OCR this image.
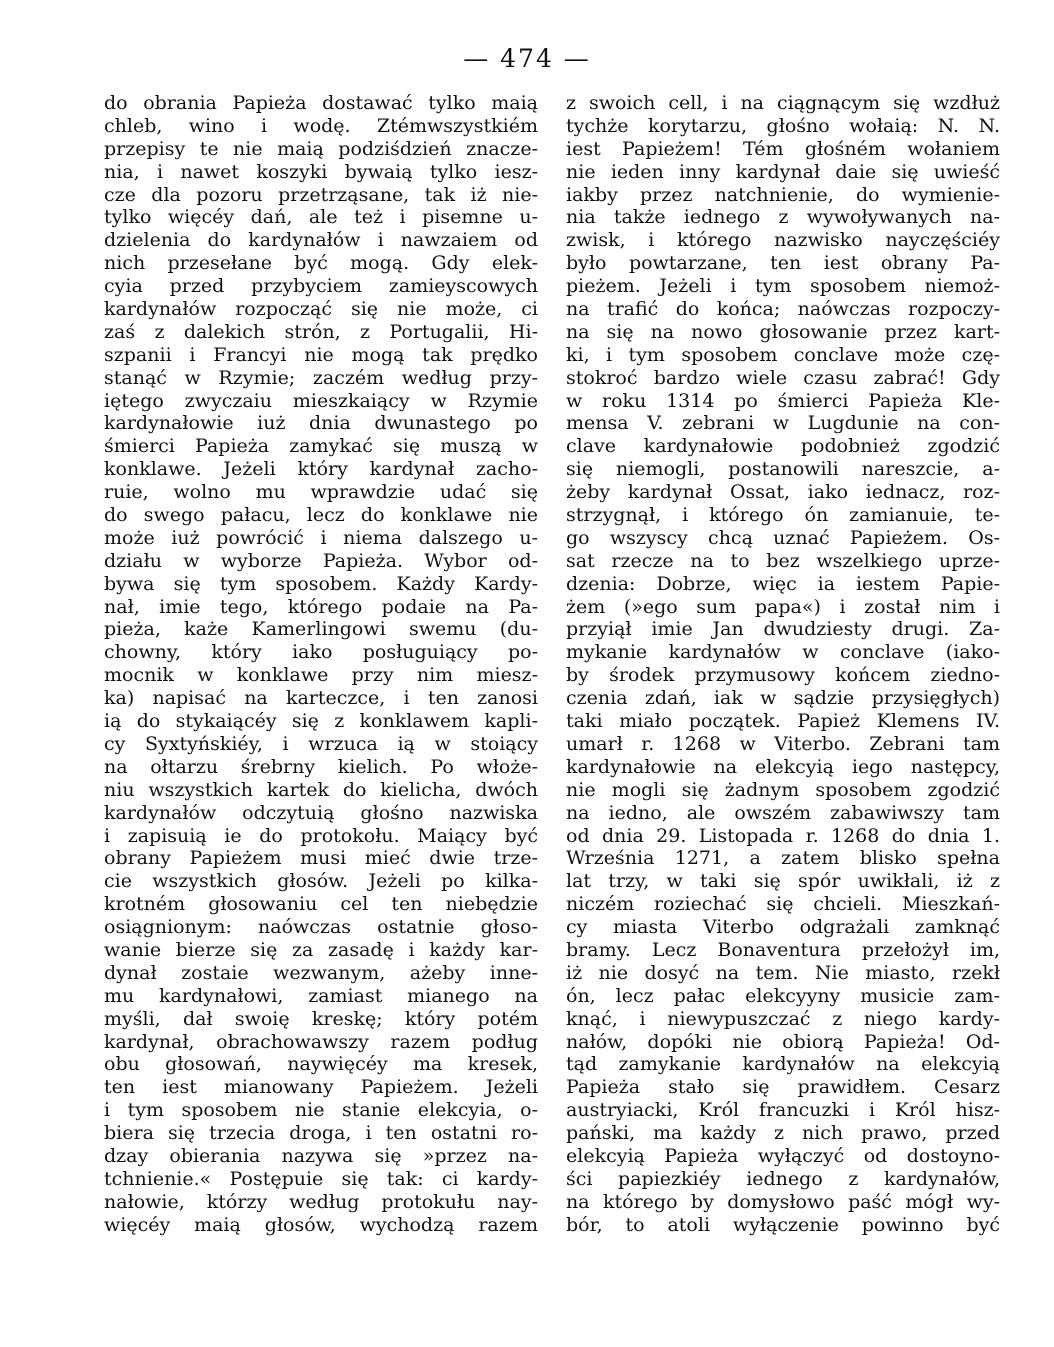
— 474 —
do obrania Papieża dostawać tylko maią
chleb, wino i wodę. Ztémwszystkiém
przepisy te nie maią podziśdzień znacze-
nia, i nawet koszyki bywaią tylko iesz-
cze dla pozoru przetrząsane, tak iż nie-
tylko więcéy dań, ale też i pisemne u-
dzielenia do kardynałów i nawzaiem od
nich przesełane być mogą. Gdy elek-
cyia przed przybyciem zamieyscowych
kardynałów rozpocząć się nie może, ci
zaś z dalekich strón, z Portugalii, Hi-
szpanii i Francyi nie mogą tak prędko
stanąć w Rzymie; zaczém według przy-
iętego zwyczaiu mieszkaiący w Rzymie
kardynałowie iuż dnia dwunastego po
śmierci Papieża zamykać się muszą w
konklawe. Jeżeli który kardynał zacho-
ruie, wolno mu wprawdzie udać się
do swego pałacu, lecz do konklawe nie
może iuż powrócić i niema dalszego u-
działu w wyborze Papieża. Wybor od-
bywa się tym sposobem. Każdy Kardy-
nał, imie tego, którego podaie na Pa-
pieża, każe Kamerlingowi swemu (du-
chowny, który iako posługuiący po-
mocnik w konklawe przy nim miesz-
ka) napisać na karteczce, i ten zanosi
ią do stykaiącéy się z konklawem kapli-
cy Syxtyńskiéy, i wrzuca ią w stoiący
na ołtarzu śrebrny kielich. Po włoże-
niu wszystkich kartek do kielicha, dwóch
kardynałów odczytuią głośno nazwiska
i zapisuią ie do protokołu. Maiący być
obrany Papieżem musi mieć dwie trze-
cie wszystkich głosów. Jeżeli po kilka-
krotném głosowaniu cel ten niebędzie
osiągnionym: naówczas ostatnie głoso-
wanie bierze się za zasadę i każdy kar-
dynał zostaie wezwanym, ażeby inne-
mu kardynałowi, zamiast mianego na
myśli, dał swoię kreskę; który potém
kardynał, obrachowawszy razem podług
obu głosowań, naywięcéy ma kresek,
ten iest mianowany Papieżem. Jeżeli
i tym sposobem nie stanie elekcyia, o-
biera się trzecia droga, i ten ostatni ro-
dzay obierania nazywa się »przez na-
tchnienie.« Postępuie się tak: ci kardy-
nałowie, którzy według protokułu nay-
więcéy maią głosów, wychodzą razem
z swoich cell, i na ciągnącym się wzdłuż
tychże korytarzu, głośno wołaią: N. N.
iest Papieżem! Tém głośném wołaniem
nie ieden inny kardynał daie się uwieść
iakby przez natchnienie, do wymienie-
nia także iednego z wywoływanych na-
zwisk, i którego nazwisko nayczęściéy
było powtarzane, ten iest obrany Pa-
pieżem. Jeżeli i tym sposobem niemoż-
na trafić do końca; naówczas rozpoczy-
na się na nowo głosowanie przez kart-
ki, i tym sposobem conclave może czę-
stokroć bardzo wiele czasu zabrać! Gdy
w roku 1314 po śmierci Papieża Kle-
mensa V. zebrani w Lugdunie na con-
clave kardynałowie podobnież zgodzić
się niemogli, postanowili nareszcie, a-
żeby kardynał Ossat, iako iednacz, roz-
strzygnął, i którego ón zamianuie, te-
go wszyscy chcą uznać Papieżem. Os-
sat rzecze na to bez wszelkiego uprze-
dzenia: Dobrze, więc ia iestem Papie-
żem (»ego sum papa«) i został nim i
przyiął imie Jan dwudziesty drugi. Za-
mykanie kardynałów w conclave (iako-
by środek przymusowy końcem ziedno-
czenia zdań, iak w sądzie przysięgłych)
taki miało początek. Papież Klemens IV.
umarł r. 1268 w Viterbo. Zebrani tam
kardynałowie na elekcyią iego następcy,
nie mogli się żadnym sposobem zgodzić
na iedno, ale owszém zabawiwszy tam
od dnia 29. Listopada r. 1268 do dnia 1.
Września 1271, a zatem blisko spełna
lat trzy, w taki się spór uwikłali, iż z
niczém roziechać się chcieli. Mieszkań-
cy miasta Viterbo odgrażali zamknąć
bramy. Lecz Bonaventura przełożył im,
iż nie dosyć na tem. Nie miasto, rzekł
ón, lecz pałac elekcyyny musicie zam-
knąć, i niewypuszczać z niego kardy-
nałów, dopóki nie obiorą Papieża! Od-
tąd zamykanie kardynałów na elekcyią
Papieża stało się prawidłem. Cesarz
austryiacki, Król francuzki i Król hisz-
pański, ma każdy z nich prawo, przed
elekcyią Papieża wyłączyć od dostoyno-
ści papiezkiéy iednego z kardynałów,
na którego by domysłowo paść mógł wy-
bór, to atoli wyłączenie powinno być
